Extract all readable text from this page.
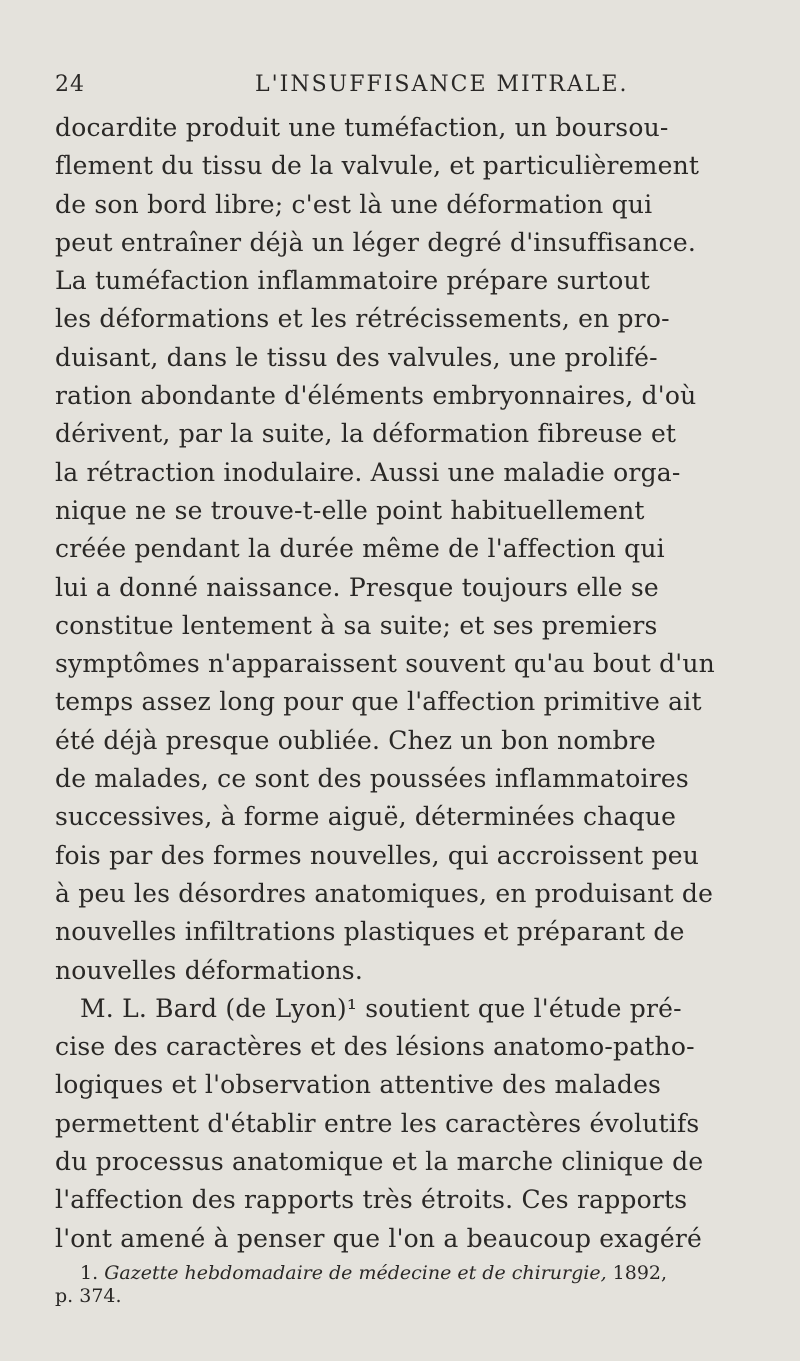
24	L'INSUFFISANCE MITRALE.
docardite produit une tuméfaction, un boursou-
flement du tissu de la valvule, et particulièrement
de son bord libre; c'est là une déformation qui
peut entraîner déjà un léger degré d'insuffisance.
La tuméfaction inflammatoire prépare surtout
les déformations et les rétrécissements, en pro-
duisant, dans le tissu des valvules, une prolifé-
ration abondante d'éléments embryonnaires, d'où
dérivent, par la suite, la déformation fibreuse et
la rétraction inodulaire. Aussi une maladie orga-
nique ne se trouve-t-elle point habituellement
créée pendant la durée même de l'affection qui
lui a donné naissance. Presque toujours elle se
constitue lentement à sa suite; et ses premiers
symptômes n'apparaissent souvent qu'au bout d'un
temps assez long pour que l'affection primitive ait
été déjà presque oubliée. Chez un bon nombre
de malades, ce sont des poussées inflammatoires
successives, à forme aiguë, déterminées chaque
fois par des formes nouvelles, qui accroissent peu
à peu les désordres anatomiques, en produisant de
nouvelles infiltrations plastiques et préparant de
nouvelles déformations.
M. L. Bard (de Lyon)¹ soutient que l'étude pré-
cise des caractères et des lésions anatomo-patho-
logiques et l'observation attentive des malades
permettent d'établir entre les caractères évolutifs
du processus anatomique et la marche clinique de
l'affection des rapports très étroits. Ces rapports
l'ont amené à penser que l'on a beaucoup exagéré
1. Gazette hebdomadaire de médecine et de chirurgie, 1892,
p. 374.
